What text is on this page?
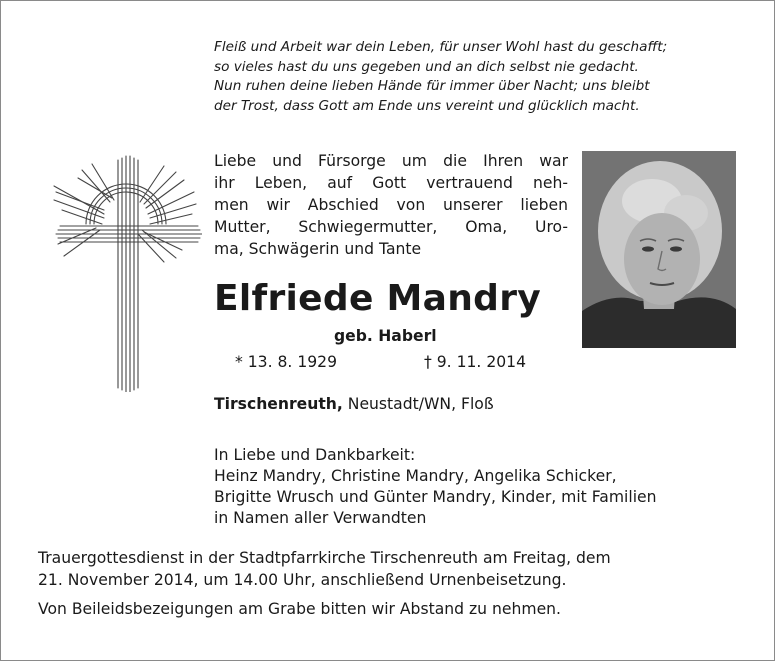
Fleiß und Arbeit war dein Leben, für unser Wohl hast du geschafft;
so vieles hast du uns gegeben und an dich selbst nie gedacht.
Nun ruhen deine lieben Hände für immer über Nacht; uns bleibt
der Trost, dass Gott am Ende uns vereint und glücklich macht.
Liebe und Fürsorge um die Ihren war
ihr Leben, auf Gott vertrauend neh-
men wir Abschied von unserer lieben
Mutter, Schwiegermutter, Oma, Uro-
ma, Schwägerin und Tante
Elfriede Mandry
geb. Haberl
* 13. 8. 1929	† 9. 11. 2014
Tirschenreuth, Neustadt/WN, Floß
In Liebe und Dankbarkeit:
Heinz Mandry, Christine Mandry, Angelika Schicker,
Brigitte Wrusch und Günter Mandry, Kinder, mit Familien
in Namen aller Verwandten
Trauergottesdienst in der Stadtpfarrkirche Tirschenreuth am Freitag, dem
21. November 2014, um 14.00 Uhr, anschließend Urnenbeisetzung.
Von Beileidsbezeigungen am Grabe bitten wir Abstand zu nehmen.
